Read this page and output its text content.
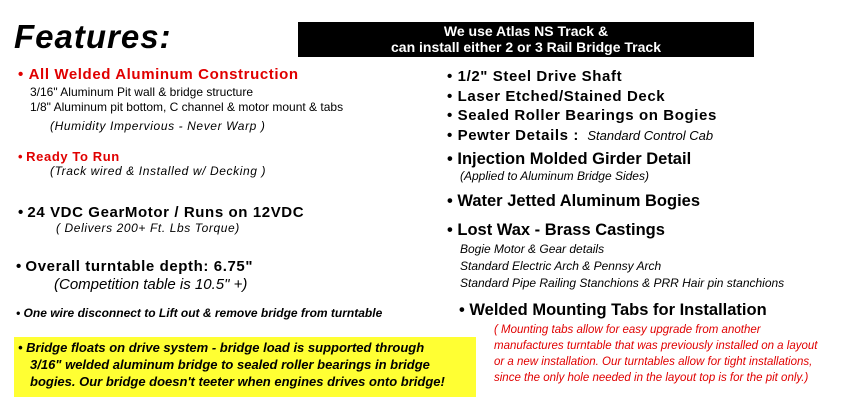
Features:	We use Atlas NS Track &
can install either 2 or 3 Rail Bridge Track
• All Welded Aluminum Construction
3/16" Aluminum Pit wall & bridge structure
1/8" Aluminum pit bottom, C channel & motor mount & tabs
(Humidity Impervious - Never Warp )
• Ready To Run
(Track wired & Installed w/ Decking )
• 24 VDC GearMotor / Runs on 12VDC
( Delivers 200+ Ft. Lbs Torque)
• Overall turntable depth: 6.75"
(Competition table is 10.5" +)
• One wire disconnect to Lift out & remove bridge from turntable
• Bridge floats on drive system - bridge load is supported through
3/16" welded aluminum bridge to sealed roller bearings in bridge
bogies. Our bridge doesn't teeter when engines drives onto bridge!
• 1/2" Steel Drive Shaft
• Laser Etched/Stained Deck
• Sealed Roller Bearings on Bogies
• Pewter Details : Standard Control Cab
• Injection Molded Girder Detail
(Applied to Aluminum Bridge Sides)
• Water Jetted Aluminum Bogies
• Lost Wax - Brass Castings
Bogie Motor & Gear details
Standard Electric Arch & Pennsy Arch
Standard Pipe Railing Stanchions & PRR Hair pin stanchions
• Welded Mounting Tabs for Installation
( Mounting tabs allow for easy upgrade from another
manufactures turntable that was previously installed on a layout
or a new installation. Our turntables allow for tight installations,
since the only hole needed in the layout top is for the pit only.)
